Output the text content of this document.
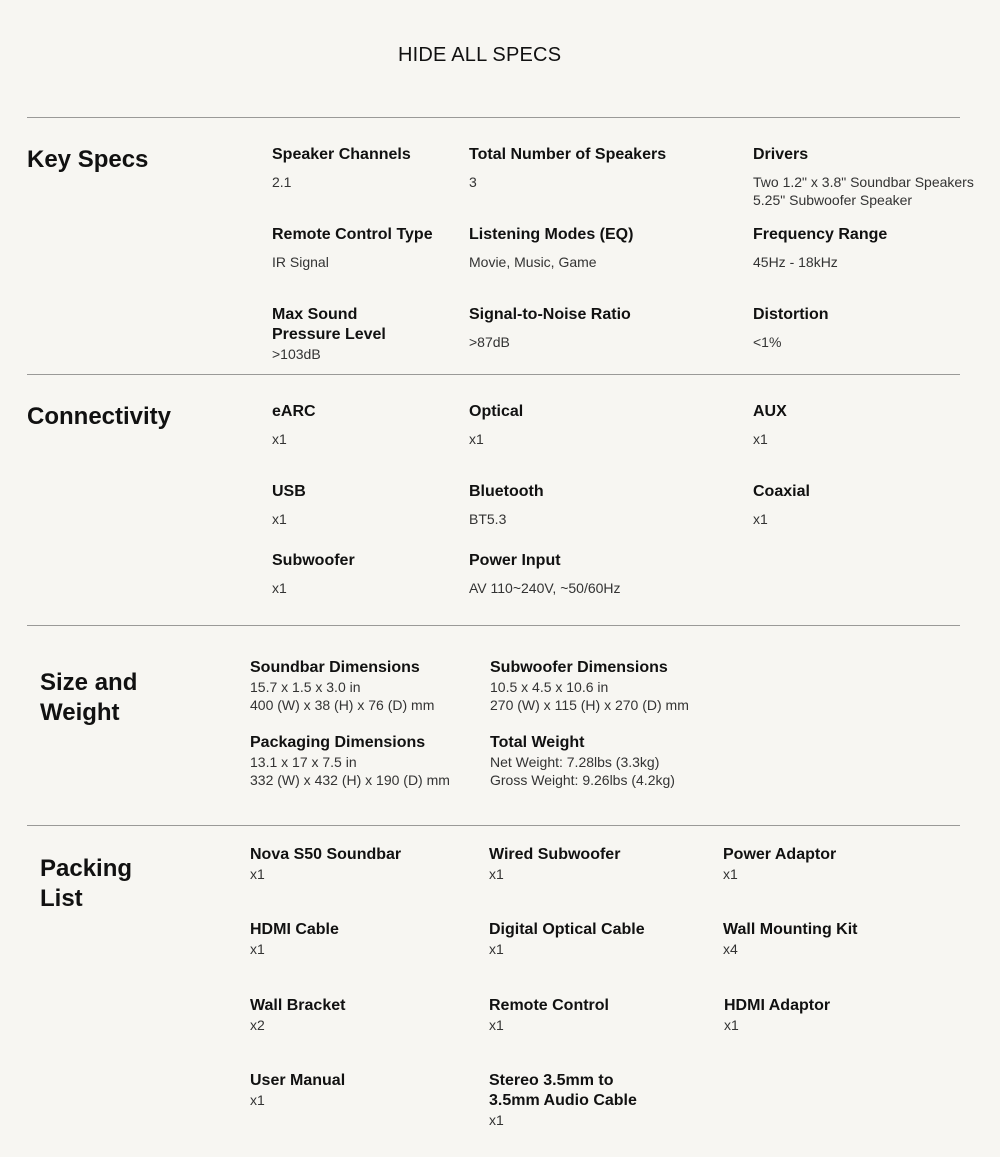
HIDE ALL SPECS
Key Specs	Speaker Channels
2.1
Total Number of Speakers
3
Drivers
Two 1.2" x 3.8" Soundbar Speakers
5.25" Subwoofer Speaker
Remote Control Type
IR Signal
Listening Modes (EQ)
Movie, Music, Game
Frequency Range
45Hz - 18kHz
Max Sound
Pressure Level
>103dB
Signal-to-Noise Ratio
>87dB
Distortion
<1%
Connectivity	eARC
x1
Optical
x1
AUX
x1
USB
x1
Bluetooth
BT5.3
Coaxial
x1
Subwoofer
x1
Power Input
AV 110~240V, ~50/60Hz
Size and
Weight
Soundbar Dimensions
15.7 x 1.5 x 3.0 in
400 (W) x 38 (H) x 76 (D) mm
Subwoofer Dimensions
10.5 x 4.5 x 10.6 in
270 (W) x 115 (H) x 270 (D) mm
Packaging Dimensions
13.1 x 17 x 7.5 in
332 (W) x 432 (H) x 190 (D) mm
Total Weight
Net Weight: 7.28lbs (3.3kg)
Gross Weight: 9.26lbs (4.2kg)
Packing
List
Nova S50 Soundbar
x1
Wired Subwoofer
x1
Power Adaptor
x1
HDMI Cable
x1
Digital Optical Cable
x1
Wall Mounting Kit
x4
Wall Bracket
x2
Remote Control
x1
HDMI Adaptor
x1
User Manual
x1
Stereo 3.5mm to
3.5mm Audio Cable
x1
